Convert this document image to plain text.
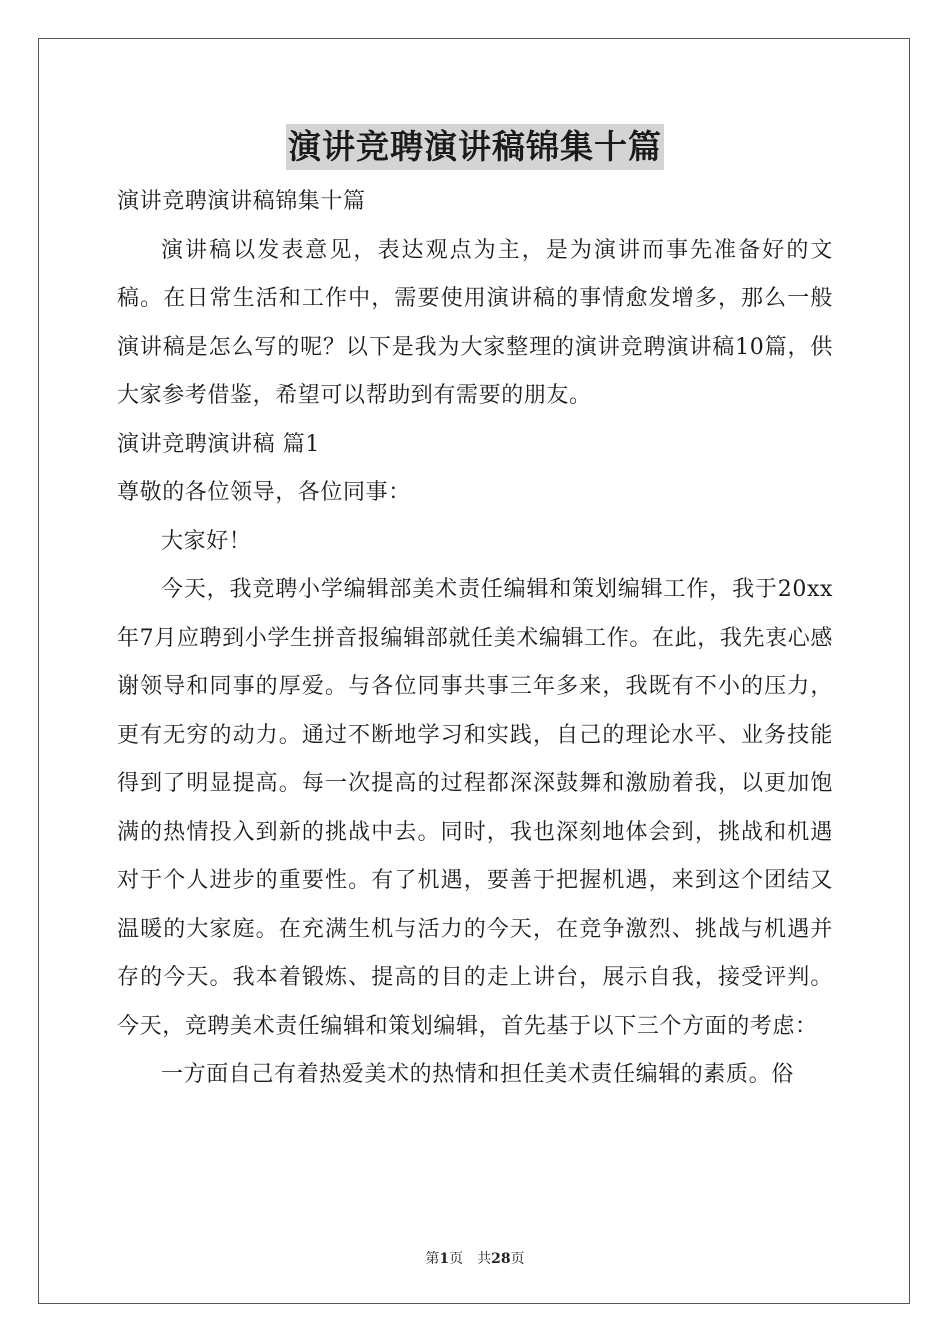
演讲竞聘演讲稿锦集十篇

演讲竞聘演讲稿锦集十篇

演讲稿以发表意见，表达观点为主，是为演讲而事先准备好的文稿。在日常生活和工作中，需要使用演讲稿的事情愈发增多，那么一般演讲稿是怎么写的呢？以下是我为大家整理的演讲竞聘演讲稿10篇，供大家参考借鉴，希望可以帮助到有需要的朋友。

演讲竞聘演讲稿 篇1

尊敬的各位领导，各位同事：

大家好！

今天，我竞聘小学编辑部美术责任编辑和策划编辑工作，我于20xx年7月应聘到小学生拼音报编辑部就任美术编辑工作。在此，我先衷心感谢领导和同事的厚爱。与各位同事共事三年多来，我既有不小的压力，更有无穷的动力。通过不断地学习和实践，自己的理论水平、业务技能得到了明显提高。每一次提高的过程都深深鼓舞和激励着我，以更加饱满的热情投入到新的挑战中去。同时，我也深刻地体会到，挑战和机遇对于个人进步的重要性。有了机遇，要善于把握机遇，来到这个团结又温暖的大家庭。在充满生机与活力的今天，在竞争激烈、挑战与机遇并存的今天。我本着锻炼、提高的目的走上讲台，展示自我，接受评判。今天，竞聘美术责任编辑和策划编辑，首先基于以下三个方面的考虑：

一方面自己有着热爱美术的热情和担任美术责任编辑的素质。俗

第1页　共28页
